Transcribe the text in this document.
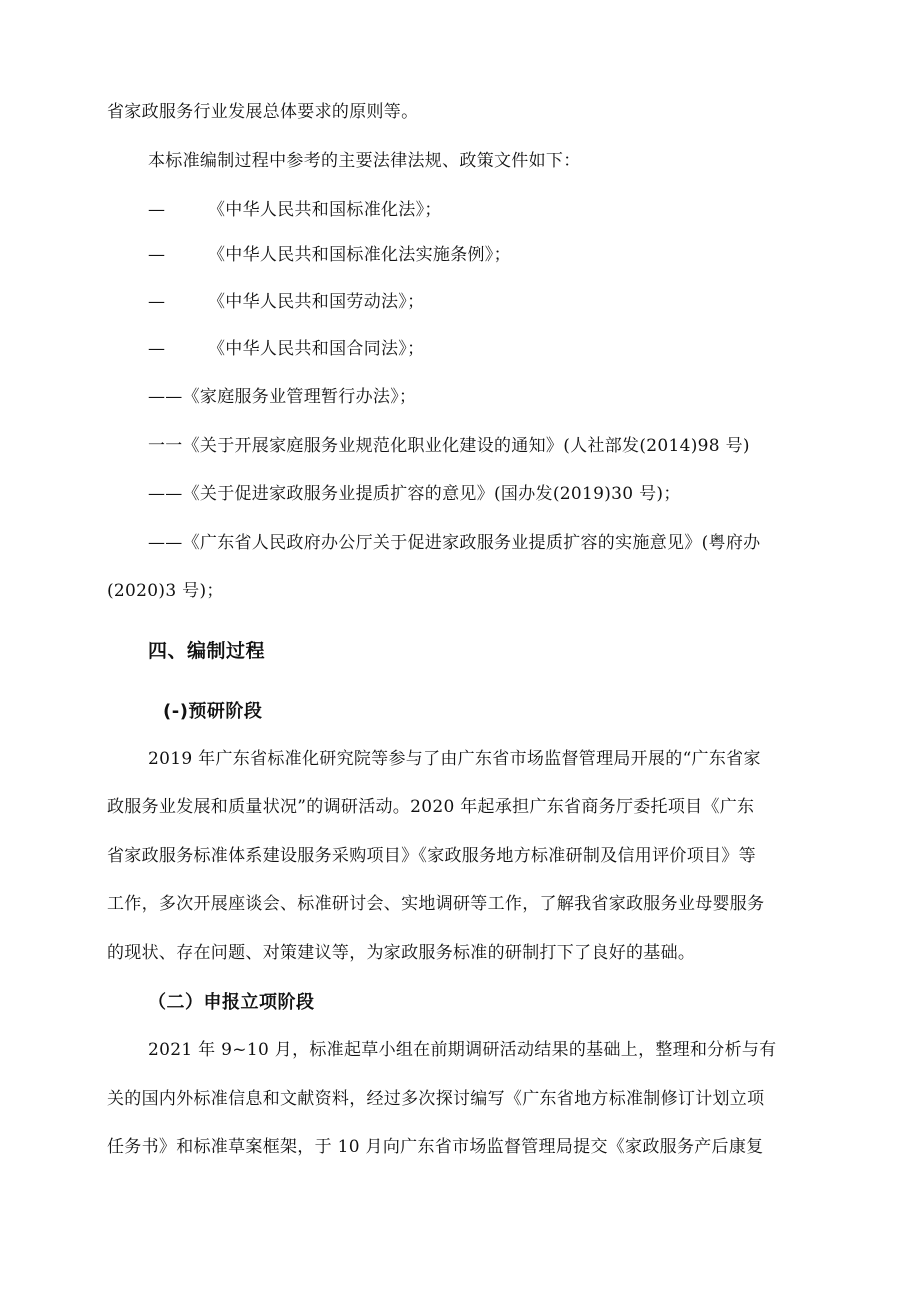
省家政服务行业发展总体要求的原则等。
本标准编制过程中参考的主要法律法规、政策文件如下：
—	《中华人民共和国标准化法》；
—	《中华人民共和国标准化法实施条例》；
—	《中华人民共和国劳动法》；
—	《中华人民共和国合同法》；
——《家庭服务业管理暂行办法》；
一一《关于开展家庭服务业规范化职业化建设的通知》(人社部发(2014)98 号)
——《关于促进家政服务业提质扩容的意见》(国办发(2019)30 号)；
——《广东省人民政府办公厅关于促进家政服务业提质扩容的实施意见》(粤府办
(2020)3 号)；
四、编制过程
(-)预研阶段
2019 年广东省标准化研究院等参与了由广东省市场监督管理局开展的“广东省家
政服务业发展和质量状况”的调研活动。2020 年起承担广东省商务厅委托项目《广东
省家政服务标准体系建设服务采购项目》《家政服务地方标准研制及信用评价项目》等
工作，多次开展座谈会、标准研讨会、实地调研等工作，了解我省家政服务业母婴服务
的现状、存在问题、对策建议等，为家政服务标准的研制打下了良好的基础。
（二）申报立项阶段
2021 年 9~10 月，标准起草小组在前期调研活动结果的基础上，整理和分析与有
关的国内外标准信息和文献资料，经过多次探讨编写《广东省地方标准制修订计划立项
任务书》和标准草案框架，于 10 月向广东省市场监督管理局提交《家政服务产后康复
